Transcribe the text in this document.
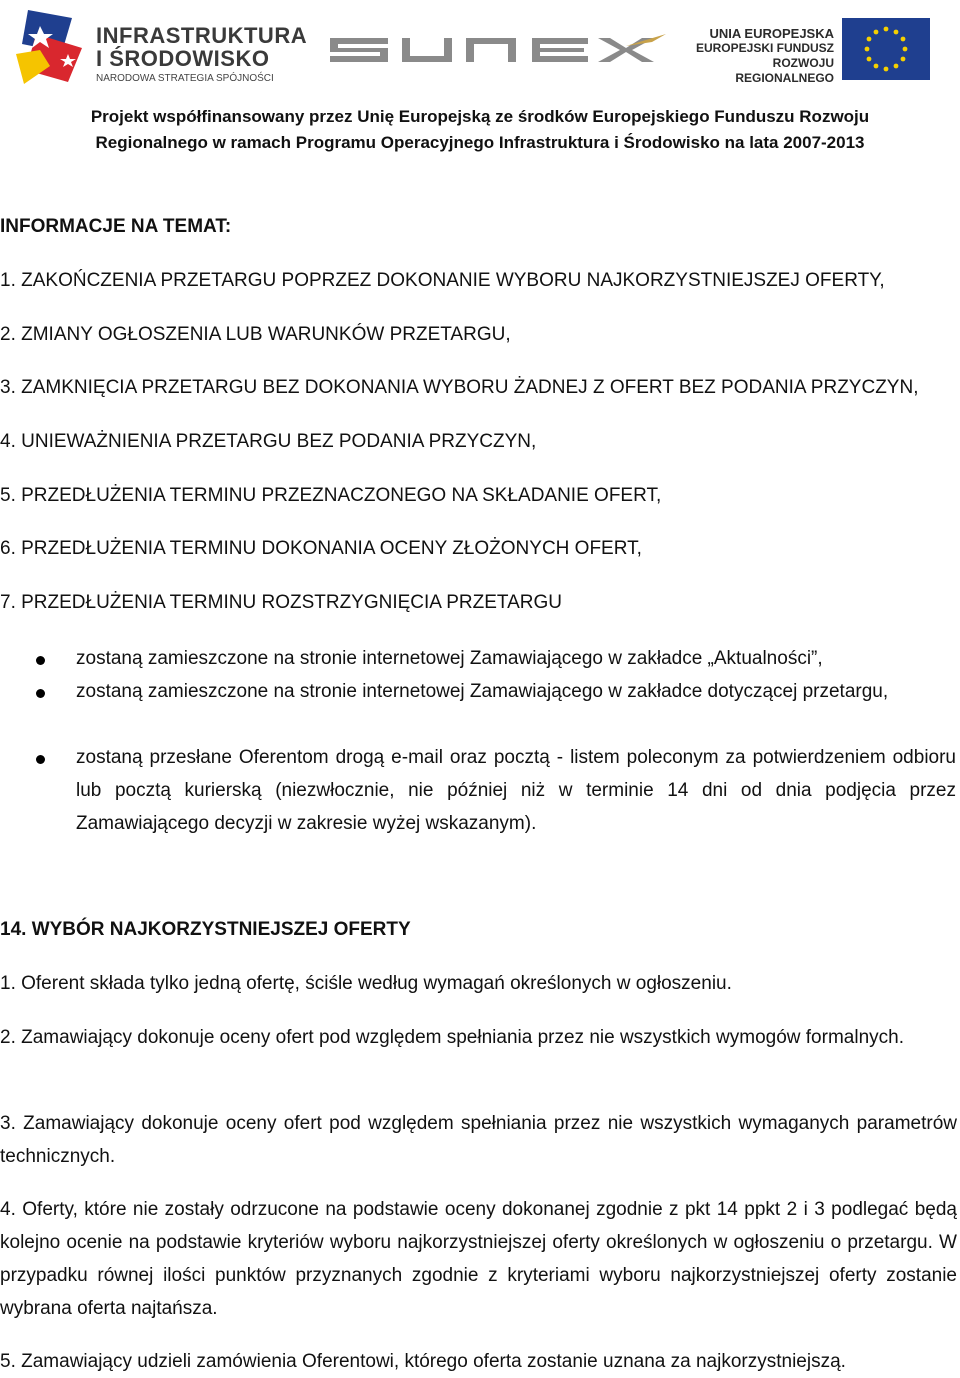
INFRASTRUKTURA
I ŚRODOWISKO
NARODOWA STRATEGIA SPÓJNOŚCI
UNIA EUROPEJSKA
EUROPEJSKI FUNDUSZ
ROZWOJU REGIONALNEGO
Projekt współfinansowany przez Unię Europejską ze środków Europejskiego Funduszu Rozwoju
Regionalnego w ramach Programu Operacyjnego Infrastruktura i Środowisko na lata 2007-2013

INFORMACJE NA TEMAT:

1. ZAKOŃCZENIA PRZETARGU POPRZEZ DOKONANIE WYBORU NAJKORZYSTNIEJSZEJ OFERTY,

2. ZMIANY OGŁOSZENIA LUB WARUNKÓW PRZETARGU,

3. ZAMKNIĘCIA PRZETARGU BEZ DOKONANIA WYBORU ŻADNEJ Z OFERT BEZ PODANIA PRZYCZYN,

4. UNIEWAŻNIENIA PRZETARGU BEZ PODANIA PRZYCZYN,

5. PRZEDŁUŻENIA TERMINU PRZEZNACZONEGO NA SKŁADANIE OFERT,

6. PRZEDŁUŻENIA TERMINU DOKONANIA OCENY ZŁOŻONYCH OFERT,

7. PRZEDŁUŻENIA TERMINU ROZSTRZYGNIĘCIA PRZETARGU

zostaną zamieszczone na stronie internetowej Zamawiającego w zakładce „Aktualności”,

zostaną zamieszczone na stronie internetowej Zamawiającego w zakładce dotyczącej przetargu,

zostaną przesłane Oferentom drogą e-mail oraz pocztą - listem poleconym za potwierdzeniem odbioru lub pocztą kurierską (niezwłocznie, nie później niż w terminie 14 dni od dnia podjęcia przez Zamawiającego decyzji w zakresie wyżej wskazanym).

14. WYBÓR NAJKORZYSTNIEJSZEJ OFERTY

1. Oferent składa tylko jedną ofertę, ściśle według wymagań określonych w ogłoszeniu.

2. Zamawiający dokonuje oceny ofert pod względem spełniania przez nie wszystkich wymogów formalnych.

3. Zamawiający dokonuje oceny ofert pod względem spełniania przez nie wszystkich wymaganych parametrów technicznych.

4. Oferty, które nie zostały odrzucone na podstawie oceny dokonanej zgodnie z pkt 14 ppkt 2 i 3 podlegać będą kolejno ocenie na podstawie kryteriów wyboru najkorzystniejszej oferty określonych w ogłoszeniu o przetargu. W przypadku równej ilości punktów przyznanych zgodnie z kryteriami wyboru najkorzystniejszej oferty zostanie wybrana oferta najtańsza.

5. Zamawiający udzieli zamówienia Oferentowi, którego oferta zostanie uznana za najkorzystniejszą.
